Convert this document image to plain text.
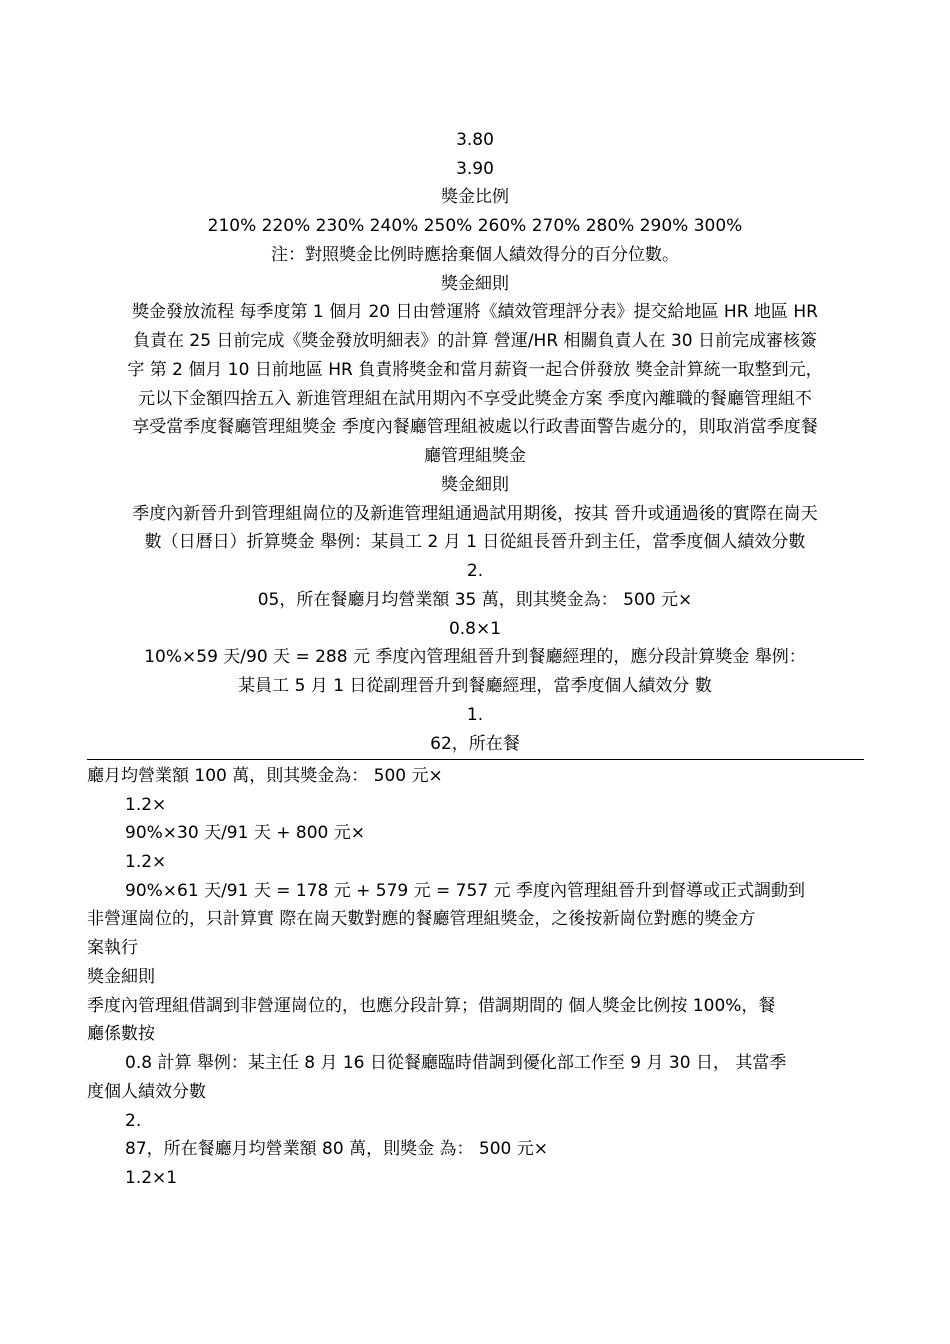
3.80
3.90
獎金比例
210% 220% 230% 240% 250% 260% 270% 280% 290% 300%
注：對照獎金比例時應捨棄個人績效得分的百分位數。
獎金細則
獎金發放流程 每季度第 1 個月 20 日由營運將《績效管理評分表》提交給地區 HR 地區 HR
負責在 25 日前完成《獎金發放明細表》的計算 營運/HR 相關負責人在 30 日前完成審核簽
字 第 2 個月 10 日前地區 HR 負責將獎金和當月薪資一起合併發放 獎金計算統一取整到元，
元以下金額四捨五入 新進管理組在試用期內不享受此獎金方案 季度內離職的餐廳管理組不
享受當季度餐廳管理組獎金 季度內餐廳管理組被處以行政書面警告處分的，則取消當季度餐
廳管理組獎金
獎金細則
季度內新晉升到管理組崗位的及新進管理組通過試用期後，按其 晉升或通過後的實際在崗天
數（日曆日）折算獎金 舉例：某員工 2 月 1 日從組長晉升到主任，當季度個人績效分數
2.
05，所在餐廳月均營業額 35 萬，則其獎金為： 500 元×
0.8×1
10%×59 天/90 天 = 288 元 季度內管理組晉升到餐廳經理的，應分段計算獎金 舉例：
某員工 5 月 1 日從副理晉升到餐廳經理，當季度個人績效分 數
1.
62，所在餐
廳月均營業額 100 萬，則其獎金為： 500 元×
1.2×
90%×30 天/91 天 + 800 元×
1.2×
90%×61 天/91 天 = 178 元 + 579 元 = 757 元 季度內管理組晉升到督導或正式調動到
非營運崗位的，只計算實 際在崗天數對應的餐廳管理組獎金，之後按新崗位對應的獎金方
案執行
獎金細則
季度內管理組借調到非營運崗位的，也應分段計算；借調期間的 個人獎金比例按 100%，餐
廳係數按
0.8 計算 舉例：某主任 8 月 16 日從餐廳臨時借調到優化部工作至 9 月 30 日， 其當季
度個人績效分數
2.
87，所在餐廳月均營業額 80 萬，則獎金 為： 500 元×
1.2×1
